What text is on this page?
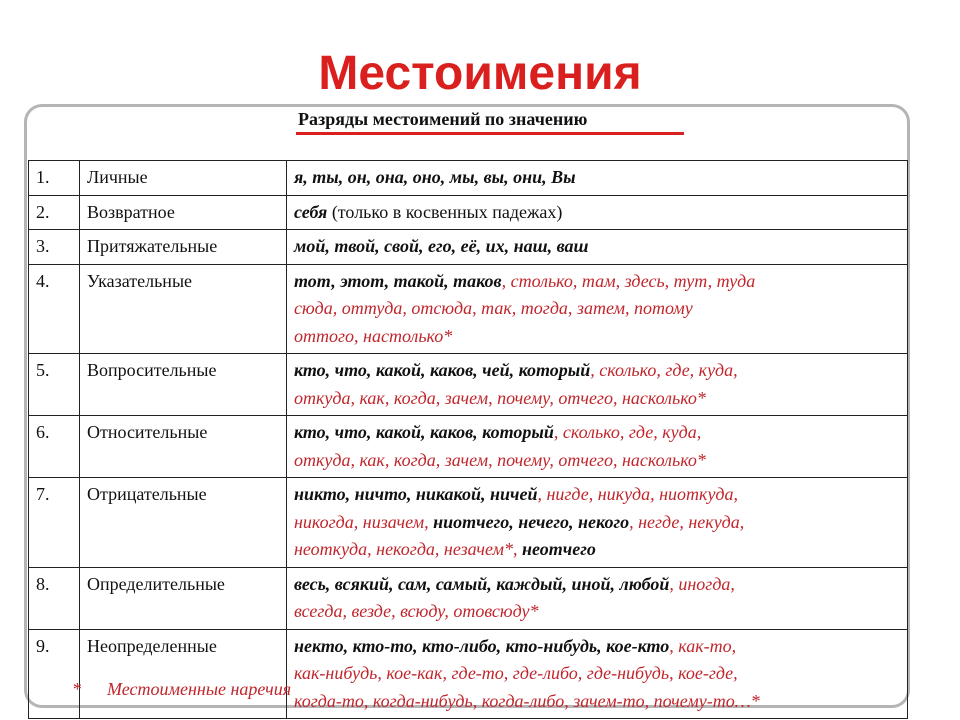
Местоимения
Разряды местоимений по значению
1.	Личные	я, ты, он, она, оно, мы, вы, они, Вы

2.	Возвратное	себя (только в косвенных падежах)

3.	Притяжательные	мой, твой, свой, его, её, их, наш, ваш

4.	Указательные	тот, этот, такой, таков, столько, там, здесь, тут, туда
сюда, оттуда, отсюда, так, тогда, затем, потому
оттого, настолько*

5.	Вопросительные	кто, что, какой, каков, чей, который, сколько, где, куда,
откуда, как, когда, зачем, почему, отчего, насколько*

6.	Относительные	кто, что, какой, каков, который, сколько, где, куда,
откуда, как, когда, зачем, почему, отчего, насколько*

7.	Отрицательные	никто, ничто, никакой, ничей, нигде, никуда, ниоткуда,
никогда, низачем, ниотчего, нечего, некого, негде, некуда,
неоткуда, некогда, незачем*, неотчего

8.	Определительные	весь, всякий, сам, самый, каждый, иной, любой, иногда,
всегда, везде, всюду, отовсюду*

9.	Неопределенные	некто, кто-то, кто-либо, кто-нибудь, кое-кто, как-то,
как-нибудь, кое-как, где-то, где-либо, где-нибудь, кое-где,
когда-то, когда-нибудь, когда-либо, зачем-то, почему-то…*
* Местоименные наречия
